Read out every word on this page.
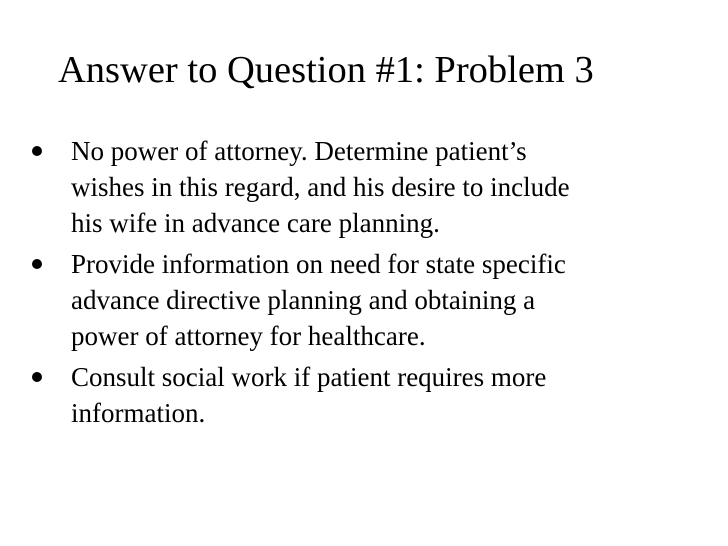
Answer to Question #1: Problem 3
No power of attorney. Determine patient’s
wishes in this regard, and his desire to include
his wife in advance care planning.
Provide information on need for state specific
advance directive planning and obtaining a
power of attorney for healthcare.
Consult social work if patient requires more
information.
